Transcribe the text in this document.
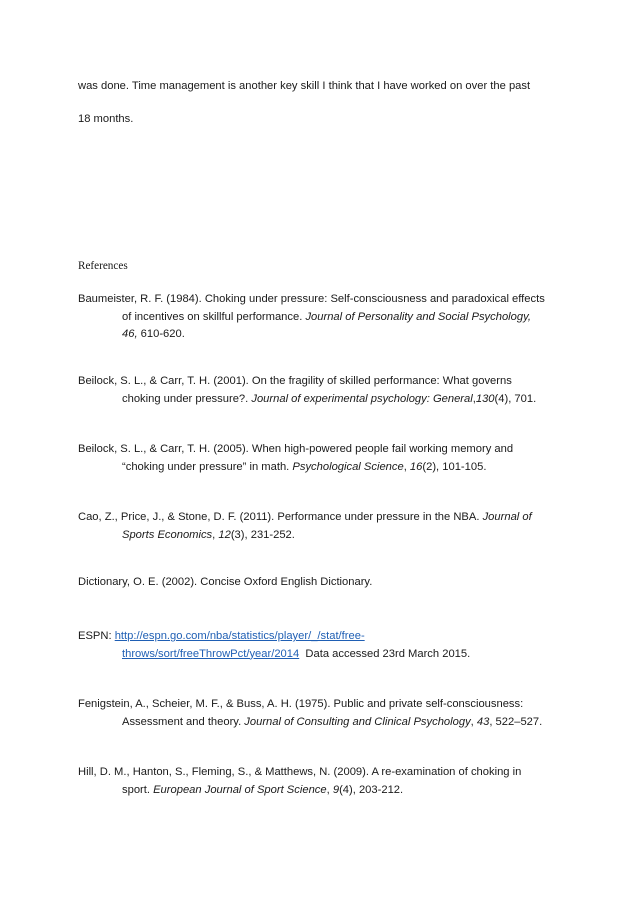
was done. Time management is another key skill I think that I have worked on over the past
18 months.
References
Baumeister, R. F. (1984). Choking under pressure: Self-consciousness and paradoxical effects
of incentives on skillful performance. Journal of Personality and Social Psychology,
46, 610-620.
Beilock, S. L., & Carr, T. H. (2001). On the fragility of skilled performance: What governs
choking under pressure?. Journal of experimental psychology: General,130(4), 701.
Beilock, S. L., & Carr, T. H. (2005). When high-powered people fail working memory and
“choking under pressure” in math. Psychological Science, 16(2), 101-105.
Cao, Z., Price, J., & Stone, D. F. (2011). Performance under pressure in the NBA. Journal of
Sports Economics, 12(3), 231-252.
Dictionary, O. E. (2002). Concise Oxford English Dictionary.
ESPN: http://espn.go.com/nba/statistics/player/_/stat/free-
throws/sort/freeThrowPct/year/2014  Data accessed 23rd March 2015.
Fenigstein, A., Scheier, M. F., & Buss, A. H. (1975). Public and private self-consciousness:
Assessment and theory. Journal of Consulting and Clinical Psychology, 43, 522–527.
Hill, D. M., Hanton, S., Fleming, S., & Matthews, N. (2009). A re-examination of choking in
sport. European Journal of Sport Science, 9(4), 203-212.
